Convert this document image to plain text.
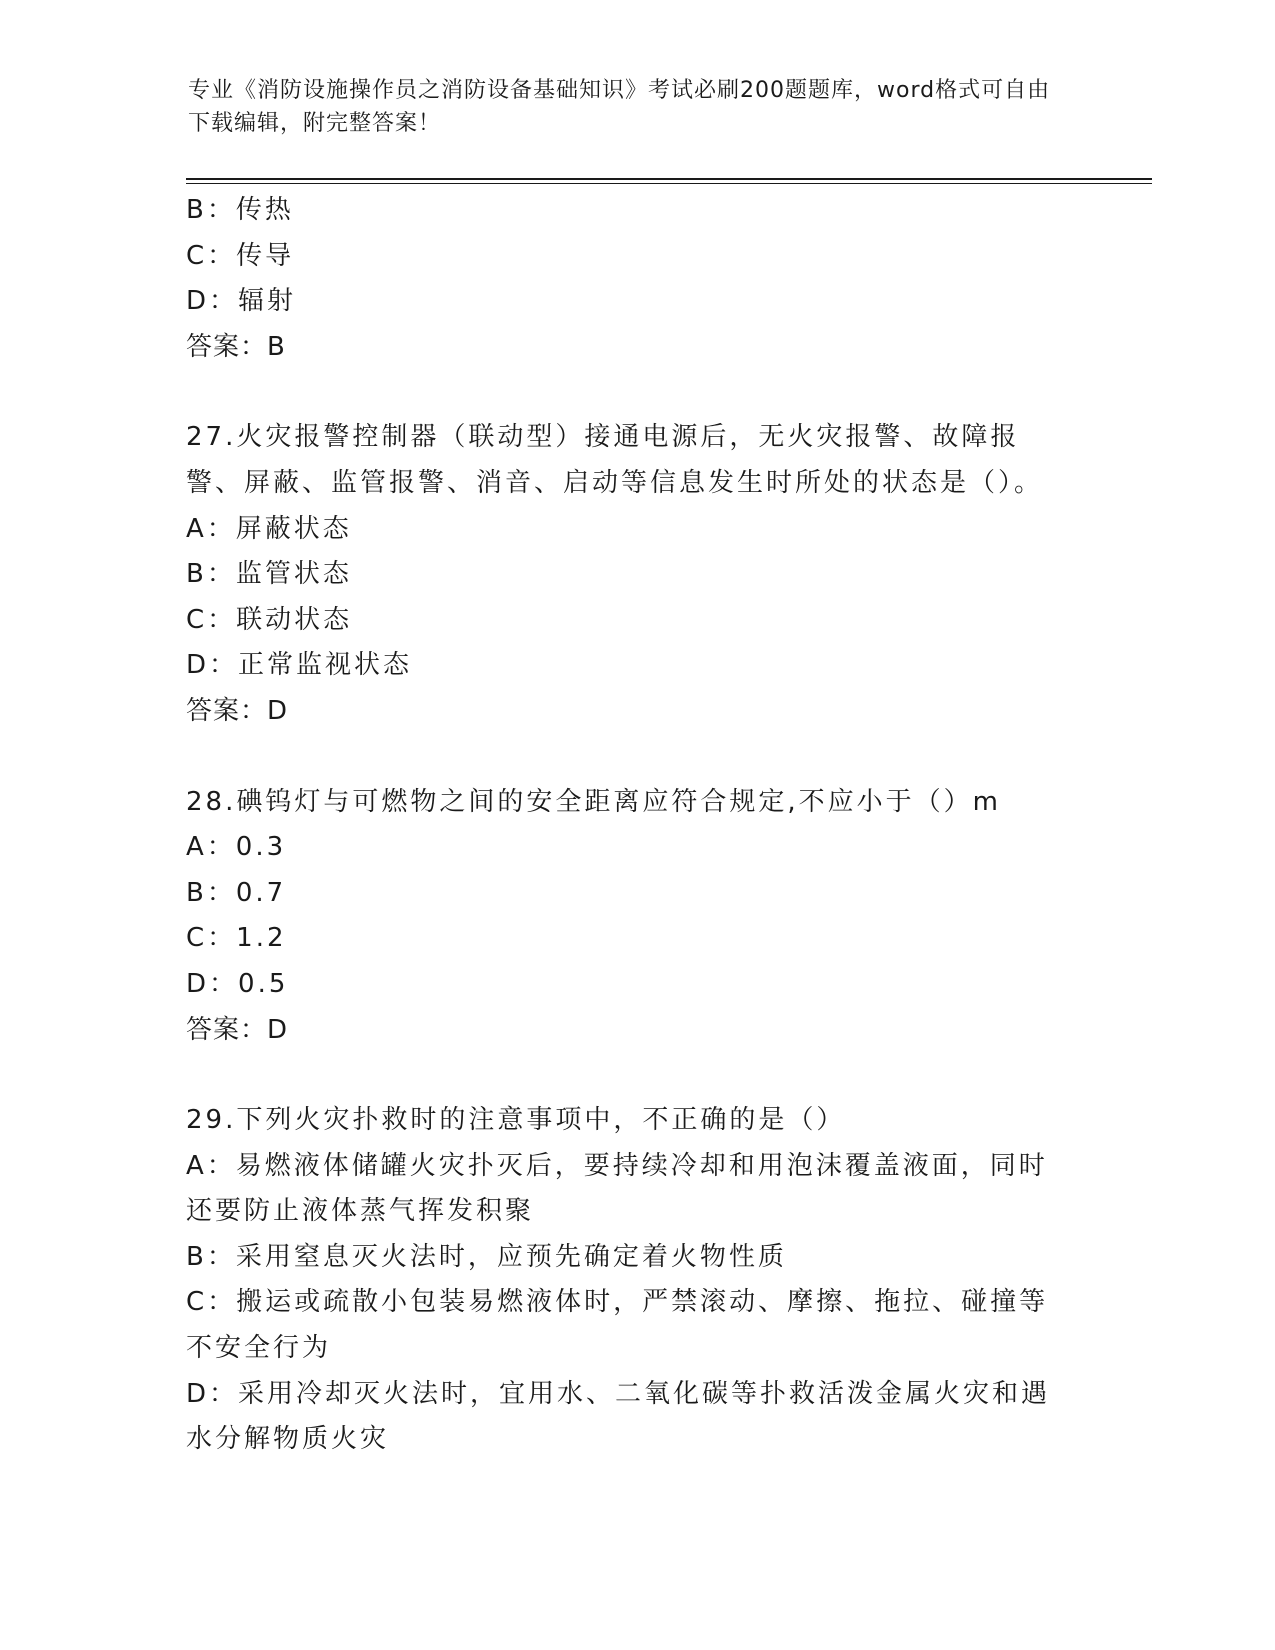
专业《消防设施操作员之消防设备基础知识》考试必刷200题题库，word格式可自由下载编辑，附完整答案！
B：传热
C：传导
D：辐射
答案：B
27.火灾报警控制器（联动型）接通电源后，无火灾报警、故障报警、屏蔽、监管报警、消音、启动等信息发生时所处的状态是（）。
A：屏蔽状态
B：监管状态
C：联动状态
D：正常监视状态
答案：D
28.碘钨灯与可燃物之间的安全距离应符合规定,不应小于（）m
A：0.3
B：0.7
C：1.2
D：0.5
答案：D
29.下列火灾扑救时的注意事项中，不正确的是（）
A：易燃液体储罐火灾扑灭后，要持续冷却和用泡沫覆盖液面，同时还要防止液体蒸气挥发积聚
B：采用窒息灭火法时，应预先确定着火物性质
C：搬运或疏散小包装易燃液体时，严禁滚动、摩擦、拖拉、碰撞等不安全行为
D：采用冷却灭火法时，宜用水、二氧化碳等扑救活泼金属火灾和遇水分解物质火灾
